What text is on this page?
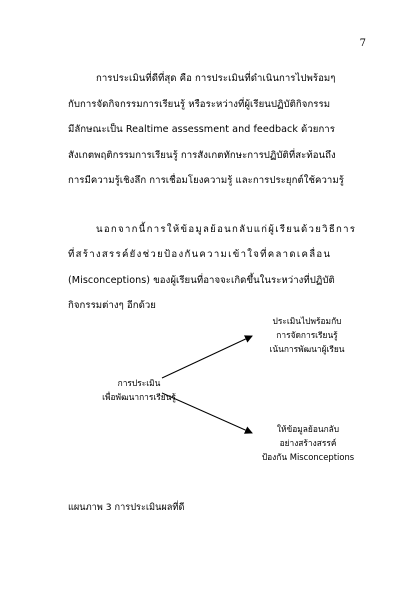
7
การประเมินที่ดีที่สุด คือ การประเมินที่ดำเนินการไปพร้อมๆ
กับการจัดกิจกรรมการเรียนรู้ หรือระหว่างที่ผู้เรียนปฏิบัติกิจกรรม
มีลักษณะเป็น Realtime assessment and feedback ด้วยการ
สังเกตพฤติกรรมการเรียนรู้ การสังเกตทักษะการปฏิบัติที่สะท้อนถึง
การมีความรู้เชิงลึก การเชื่อมโยงความรู้ และการประยุกต์ใช้ความรู้
นอกจากนี้การให้ข้อมูลย้อนกลับแก่ผู้เรียนด้วยวิธีการ
ที่สร้างสรรค์ยังช่วยป้องกันความเข้าใจที่คลาดเคลื่อน
(Misconceptions) ของผู้เรียนที่อาจจะเกิดขึ้นในระหว่างที่ปฏิบัติ
กิจกรรมต่างๆ อีกด้วย
การประเมิน
เพื่อพัฒนาการเรียนรู้
ประเมินไปพร้อมกับ
การจัดการเรียนรู้
เน้นการพัฒนาผู้เรียน
ให้ข้อมูลย้อนกลับ
อย่างสร้างสรรค์
ป้องกัน Misconceptions
แผนภาพ 3 การประเมินผลที่ดี
